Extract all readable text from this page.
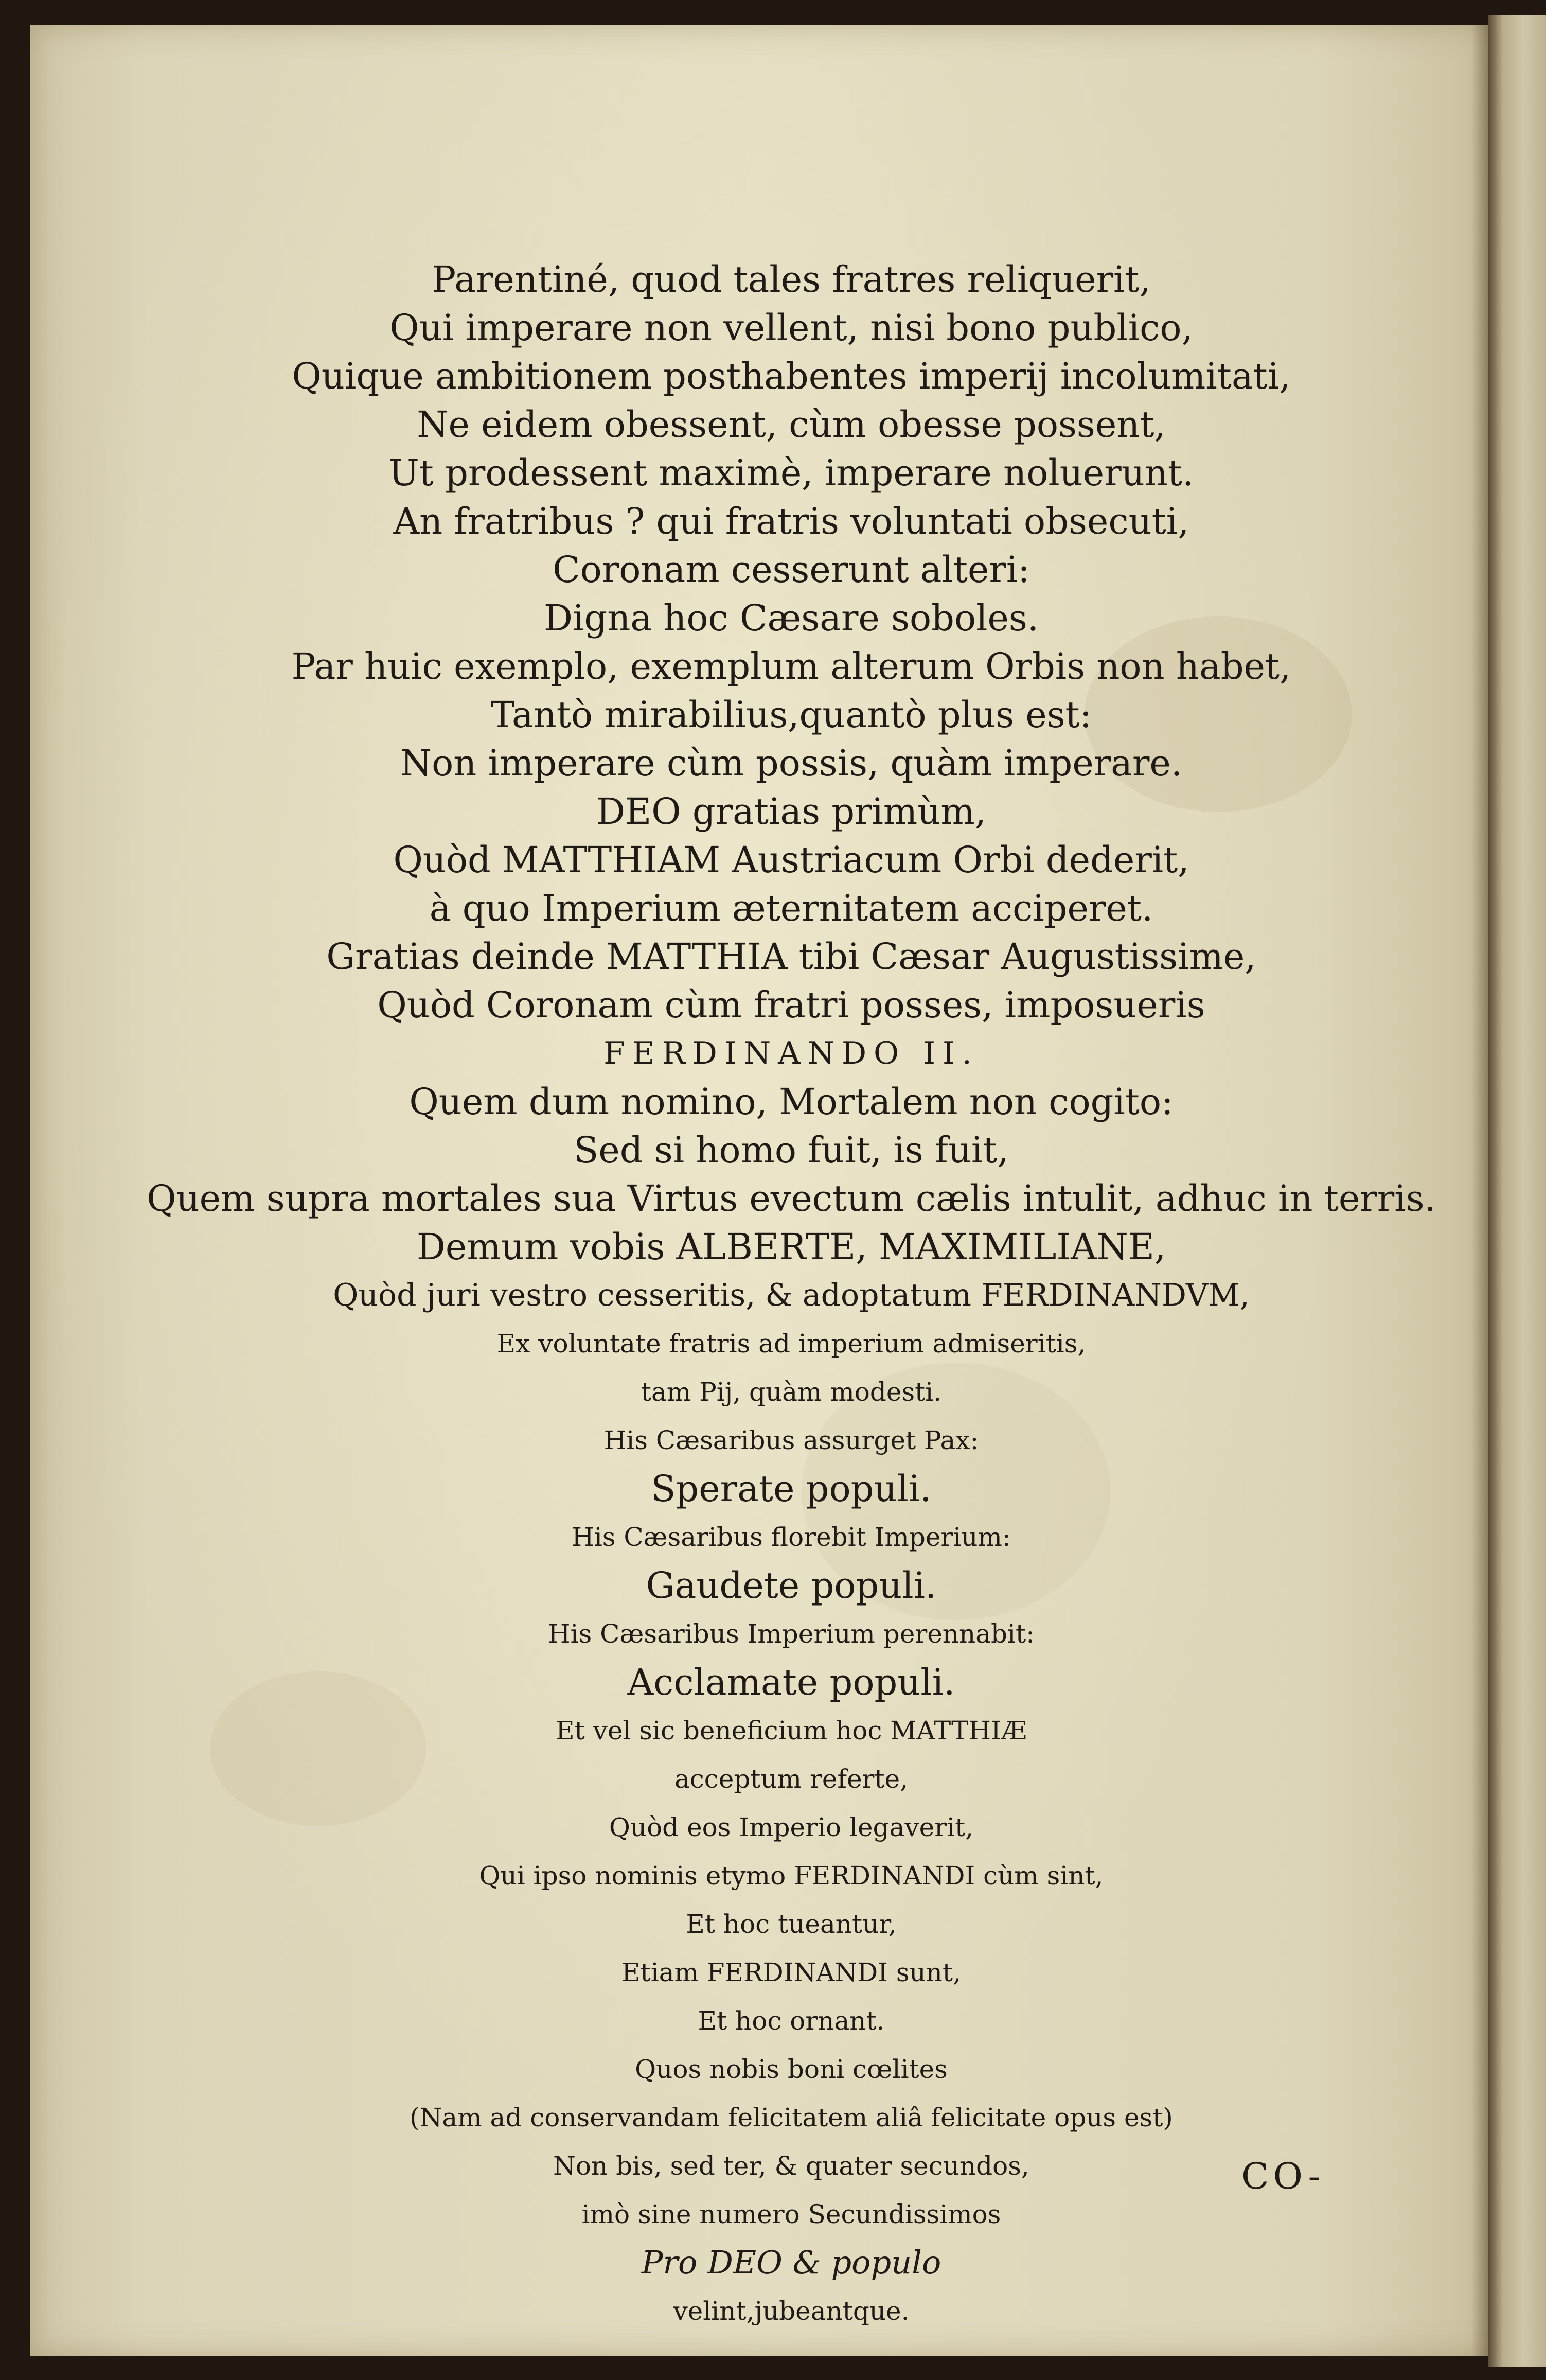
Parentiné, quod tales fratres reliquerit,
Qui imperare non vellent, nisi bono publico,
Quique ambitionem posthabentes imperij incolumitati,
Ne eidem obessent, cùm obesse possent,
Ut prodessent maximè, imperare noluerunt.
An fratribus ? qui fratris voluntati obsecuti,
Coronam cesserunt alteri:
Digna hoc Cæsare soboles.
Par huic exemplo, exemplum alterum Orbis non habet,
Tantò mirabilius,quantò plus est:
Non imperare cùm possis, quàm imperare.
DEO gratias primùm,
Quòd MATTHIAM Austriacum Orbi dederit,
à quo Imperium æternitatem acciperet.
Gratias deinde MATTHIA tibi Cæsar Augustissime,
Quòd Coronam cùm fratri posses, imposueris
FERDINANDO II.
Quem dum nomino, Mortalem non cogito:
Sed si homo fuit, is fuit,
Quem supra mortales sua Virtus evectum cælis intulit, adhuc in terris.
Demum vobis ALBERTE, MAXIMILIANE,
Quòd juri vestro cesseritis, & adoptatum FERDINANDVM,
Ex voluntate fratris ad imperium admiseritis,
tam Pij, quàm modesti.
His Cæsaribus assurget Pax:
Sperate populi.
His Cæsaribus florebit Imperium:
Gaudete populi.
His Cæsaribus Imperium perennabit:
Acclamate populi.
Et vel sic beneficium hoc MATTHIÆ
acceptum referte,
Quòd eos Imperio legaverit,
Qui ipso nominis etymo FERDINANDI cùm sint,
Et hoc tueantur,
Etiam FERDINANDI sunt,
Et hoc ornant.
Quos nobis boni cœlites
(Nam ad conservandam felicitatem aliâ felicitate opus est)
Non bis, sed ter, & quater secundos,
imò sine numero Secundissimos
Pro DEO & populo
velint,jubeantque.
CO-
